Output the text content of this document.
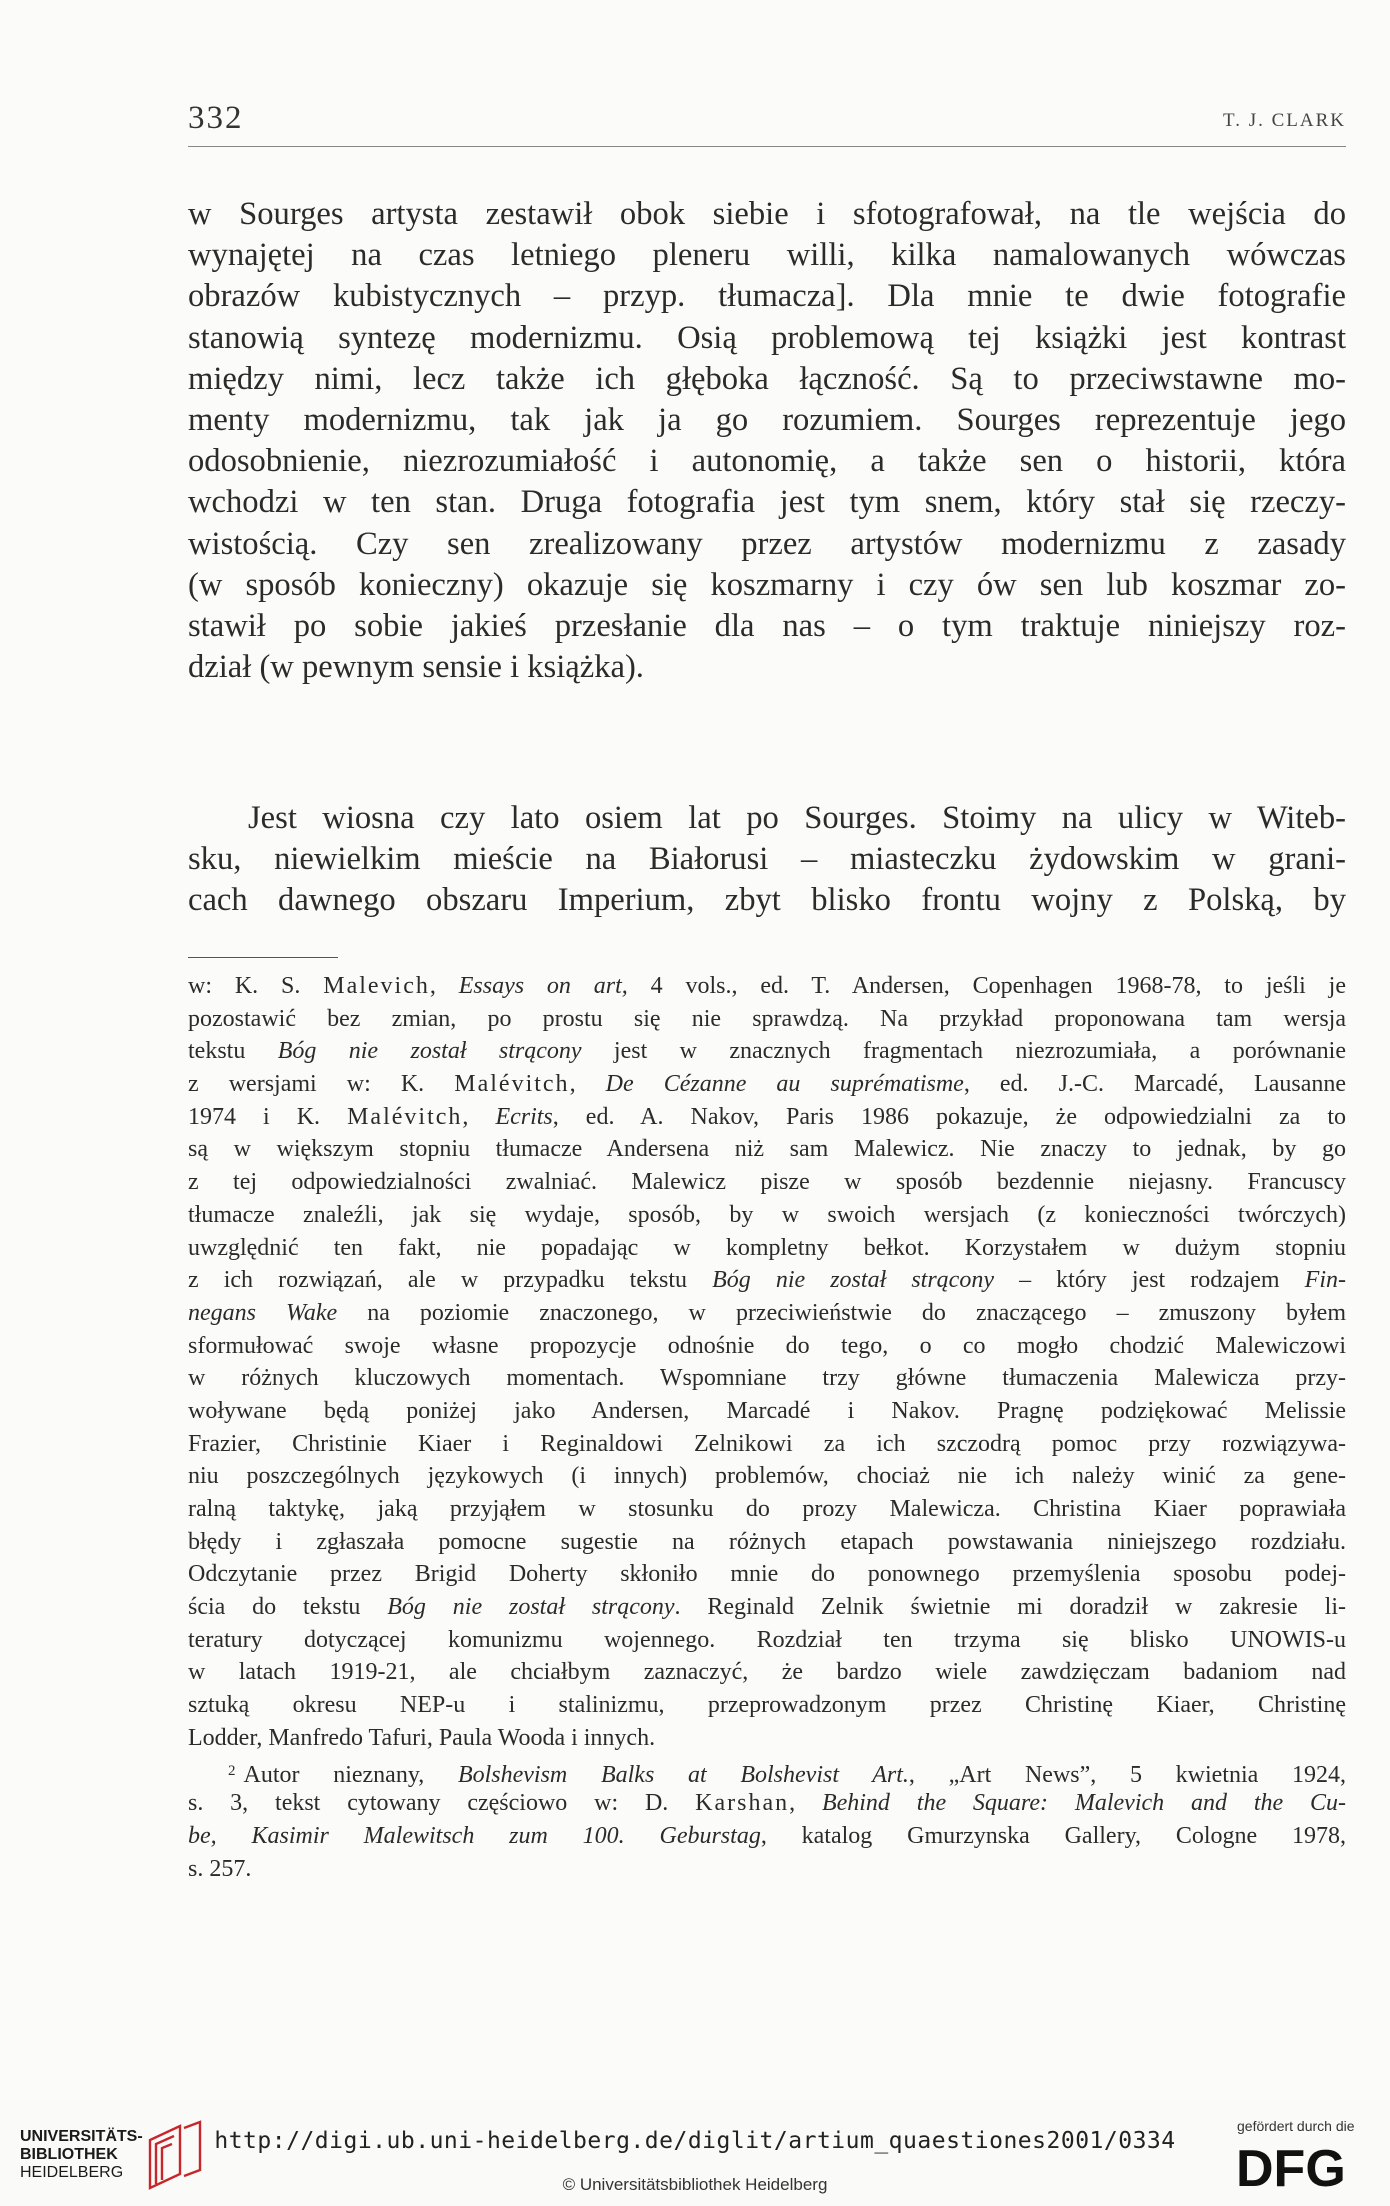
332	T. J. CLARK
w Sourges artysta zestawił obok siebie i sfotografował, na tle wejścia do
wynajętej na czas letniego pleneru willi, kilka namalowanych wówczas
obrazów kubistycznych – przyp. tłumacza]. Dla mnie te dwie fotografie
stanowią syntezę modernizmu. Osią problemową tej książki jest kontrast
między nimi, lecz także ich głęboka łączność. Są to przeciwstawne mo-
menty modernizmu, tak jak ja go rozumiem. Sourges reprezentuje jego
odosobnienie, niezrozumiałość i autonomię, a także sen o historii, która
wchodzi w ten stan. Druga fotografia jest tym snem, który stał się rzeczy-
wistością. Czy sen zrealizowany przez artystów modernizmu z zasady
(w sposób konieczny) okazuje się koszmarny i czy ów sen lub koszmar zo-
stawił po sobie jakieś przesłanie dla nas – o tym traktuje niniejszy roz-
dział (w pewnym sensie i książka).
Jest wiosna czy lato osiem lat po Sourges. Stoimy na ulicy w Witeb-
sku, niewielkim mieście na Białorusi – miasteczku żydowskim w grani-
cach dawnego obszaru Imperium, zbyt blisko frontu wojny z Polską, by
w: K. S. Malevich, Essays on art, 4 vols., ed. T. Andersen, Copenhagen 1968-78, to jeśli je
pozostawić bez zmian, po prostu się nie sprawdzą. Na przykład proponowana tam wersja
tekstu Bóg nie został strącony jest w znacznych fragmentach niezrozumiała, a porównanie
z wersjami w: K. Malévitch, De Cézanne au suprématisme, ed. J.-C. Marcadé, Lausanne
1974 i K. Malévitch, Ecrits, ed. A. Nakov, Paris 1986 pokazuje, że odpowiedzialni za to
są w większym stopniu tłumacze Andersena niż sam Malewicz. Nie znaczy to jednak, by go
z tej odpowiedzialności zwalniać. Malewicz pisze w sposób bezdennie niejasny. Francuscy
tłumacze znaleźli, jak się wydaje, sposób, by w swoich wersjach (z konieczności twórczych)
uwzględnić ten fakt, nie popadając w kompletny bełkot. Korzystałem w dużym stopniu
z ich rozwiązań, ale w przypadku tekstu Bóg nie został strącony – który jest rodzajem Fin-
negans Wake na poziomie znaczonego, w przeciwieństwie do znaczącego – zmuszony byłem
sformułować swoje własne propozycje odnośnie do tego, o co mogło chodzić Malewiczowi
w różnych kluczowych momentach. Wspomniane trzy główne tłumaczenia Malewicza przy-
woływane będą poniżej jako Andersen, Marcadé i Nakov. Pragnę podziękować Melissie
Frazier, Christinie Kiaer i Reginaldowi Zelnikowi za ich szczodrą pomoc przy rozwiązywa-
niu poszczególnych językowych (i innych) problemów, chociaż nie ich należy winić za gene-
ralną taktykę, jaką przyjąłem w stosunku do prozy Malewicza. Christina Kiaer poprawiała
błędy i zgłaszała pomocne sugestie na różnych etapach powstawania niniejszego rozdziału.
Odczytanie przez Brigid Doherty skłoniło mnie do ponownego przemyślenia sposobu podej-
ścia do tekstu Bóg nie został strącony. Reginald Zelnik świetnie mi doradził w zakresie li-
teratury dotyczącej komunizmu wojennego. Rozdział ten trzyma się blisko UNOWIS-u
w latach 1919-21, ale chciałbym zaznaczyć, że bardzo wiele zawdzięczam badaniom nad
sztuką okresu NEP-u i stalinizmu, przeprowadzonym przez Christinę Kiaer, Christinę
Lodder, Manfredo Tafuri, Paula Wooda i innych.
$^2$ Autor nieznany, Bolshevism Balks at Bolshevist Art., „Art News”, 5 kwietnia 1924,
s. 3, tekst cytowany częściowo w: D. Karshan, Behind the Square: Malevich and the Cu-
be, Kasimir Malewitsch zum 100. Geburstag, katalog Gmurzynska Gallery, Cologne 1978,
s. 257.
UNIVERSITÄTS-
BIBLIOTHEK
HEIDELBERG
http://digi.ub.uni-heidelberg.de/diglit/artium_quaestiones2001/0334
© Universitätsbibliothek Heidelberg
gefördert durch die
DFG
